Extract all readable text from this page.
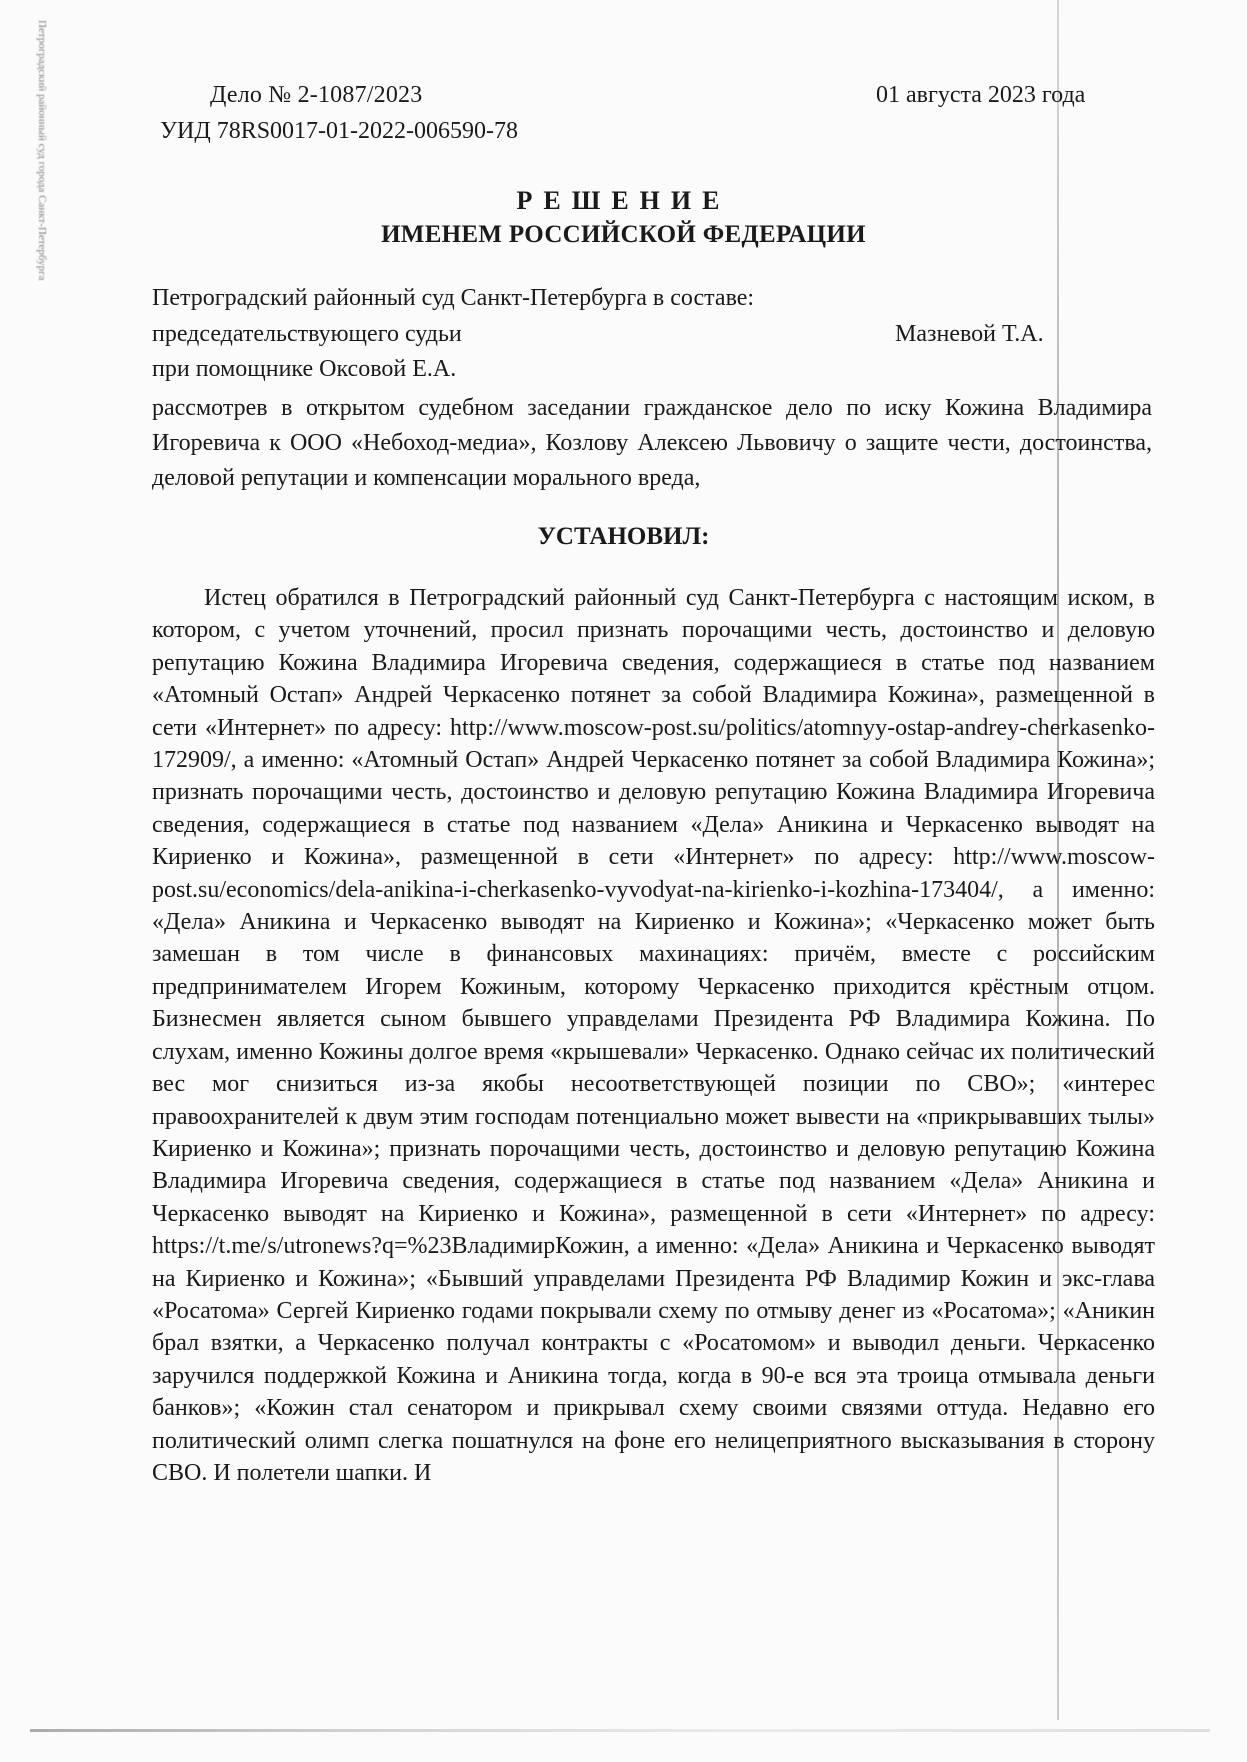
Петроградский районный суд города Санкт-Петербурга	Дело № 2-1087/2023
УИД 78RS0017-01-2022-006590-78
01 августа 2023 года
РЕШЕНИЕ
ИМЕНЕМ РОССИЙСКОЙ ФЕДЕРАЦИИ
Петроградский районный суд Санкт-Петербурга в составе:
председательствующего судьи	Мазневой Т.А.
при помощнике Оксовой Е.А.

рассмотрев в открытом судебном заседании гражданское дело по иску Кожина Владимира Игоревича к ООО «Небоход-медиа», Козлову Алексею Львовичу о защите чести, достоинства, деловой репутации и компенсации морального вреда,

УСТАНОВИЛ:

Истец обратился в Петроградский районный суд Санкт-Петербурга с настоящим иском, в котором, с учетом уточнений, просил признать порочащими честь, достоинство и деловую репутацию Кожина Владимира Игоревича сведения, содержащиеся в статье под названием «Атомный Остап» Андрей Черкасенко потянет за собой Владимира Кожина», размещенной в сети «Интернет» по адресу: http://www.moscow-post.su/politics/atomnyy-ostap-andrey-cherkasenko-172909/, а именно: «Атомный Остап» Андрей Черкасенко потянет за собой Владимира Кожина»; признать порочащими честь, достоинство и деловую репутацию Кожина Владимира Игоревича сведения, содержащиеся в статье под названием «Дела» Аникина и Черкасенко выводят на Кириенко и Кожина», размещенной в сети «Интернет» по адресу: http://www.moscow-post.su/economics/dela-anikina-i-cherkasenko-vyvodyat-na-kirienko-i-kozhina-173404/, а именно: «Дела» Аникина и Черкасенко выводят на Кириенко и Кожина»; «Черкасенко может быть замешан в том числе в финансовых махинациях: причём, вместе с российским предпринимателем Игорем Кожиным, которому Черкасенко приходится крёстным отцом. Бизнесмен является сыном бывшего управделами Президента РФ Владимира Кожина. По слухам, именно Кожины долгое время «крышевали» Черкасенко. Однако сейчас их политический вес мог снизиться из-за якобы несоответствующей позиции по СВО»; «интерес правоохранителей к двум этим господам потенциально может вывести на «прикрывавших тылы» Кириенко и Кожина»; признать порочащими честь, достоинство и деловую репутацию Кожина Владимира Игоревича сведения, содержащиеся в статье под названием «Дела» Аникина и Черкасенко выводят на Кириенко и Кожина», размещенной в сети «Интернет» по адресу: https://t.me/s/utronews?q=%23ВладимирКожин, а именно: «Дела» Аникина и Черкасенко выводят на Кириенко и Кожина»; «Бывший управделами Президента РФ Владимир Кожин и экс-глава «Росатома» Сергей Кириенко годами покрывали схему по отмыву денег из «Росатома»; «Аникин брал взятки, а Черкасенко получал контракты с «Росатомом» и выводил деньги. Черкасенко заручился поддержкой Кожина и Аникина тогда, когда в 90-е вся эта троица отмывала деньги банков»; «Кожин стал сенатором и прикрывал схему своими связями оттуда. Недавно его политический олимп слегка пошатнулся на фоне его нелицеприятного высказывания в сторону СВО. И полетели шапки. И
